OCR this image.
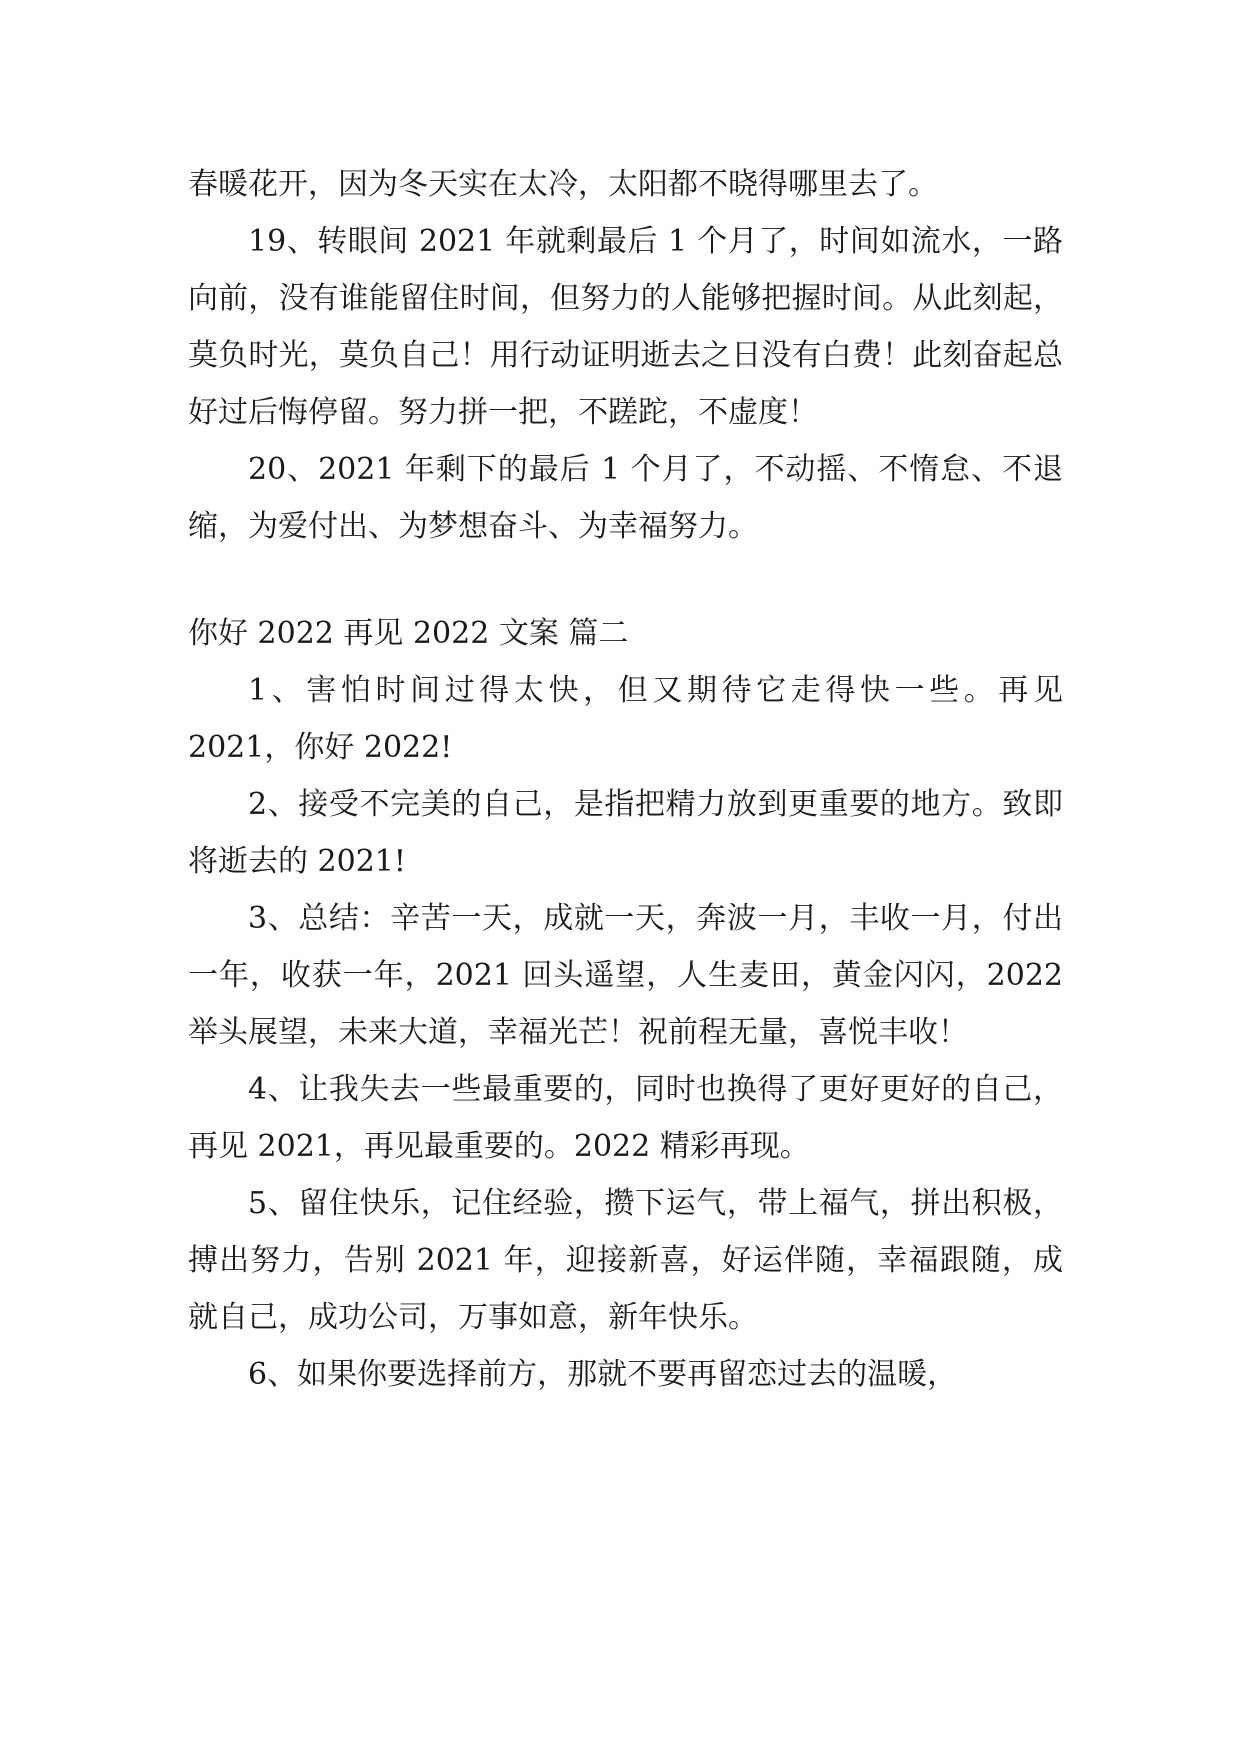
春暖花开，因为冬天实在太冷，太阳都不晓得哪里去了。

19、转眼间 2021 年就剩最后 1 个月了，时间如流水，一路向前，没有谁能留住时间，但努力的人能够把握时间。从此刻起，莫负时光，莫负自己！用行动证明逝去之日没有白费！此刻奋起总好过后悔停留。努力拼一把，不蹉跎，不虚度！

20、2021 年剩下的最后 1 个月了，不动摇、不惰怠、不退缩，为爱付出、为梦想奋斗、为幸福努力。

你好 2022 再见 2022 文案 篇二

1、害怕时间过得太快，但又期待它走得快一些。再见 2021，你好 2022!

2、接受不完美的自己，是指把精力放到更重要的地方。致即将逝去的 2021!

3、总结：辛苦一天，成就一天，奔波一月，丰收一月，付出一年，收获一年，2021 回头遥望，人生麦田，黄金闪闪，2022 举头展望，未来大道，幸福光芒！祝前程无量，喜悦丰收！

4、让我失去一些最重要的，同时也换得了更好更好的自己，再见 2021，再见最重要的。2022 精彩再现。

5、留住快乐，记住经验，攒下运气，带上福气，拼出积极，搏出努力，告别 2021 年，迎接新喜，好运伴随，幸福跟随，成就自己，成功公司，万事如意，新年快乐。

6、如果你要选择前方，那就不要再留恋过去的温暖，
